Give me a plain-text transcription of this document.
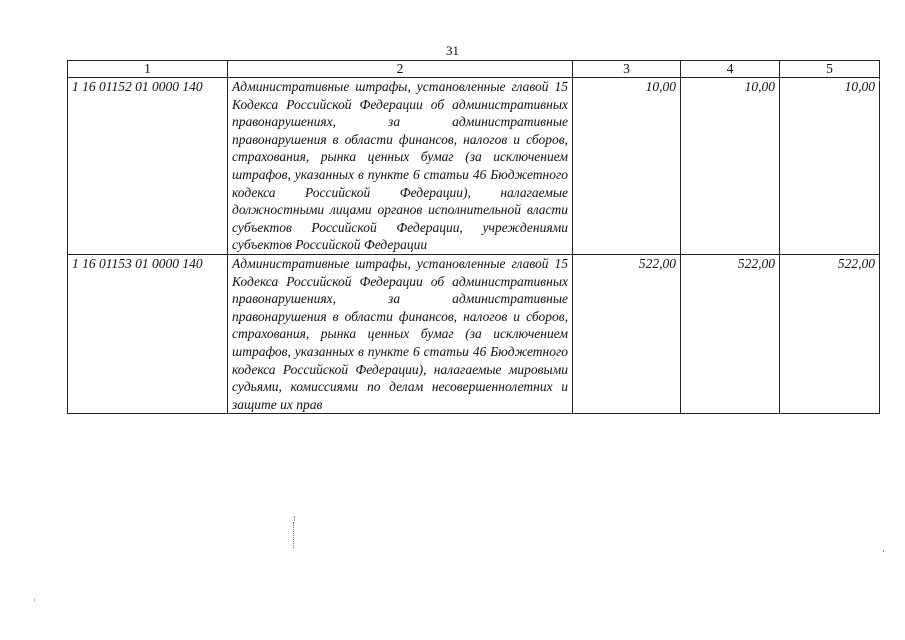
31
1	2	3	4	5
1 16 01152 01 0000 140	Административные штрафы, установленные главой 15 Кодекса Российской Федерации об административных правонарушениях, за административные правонарушения в области финансов, налогов и сборов, страхования, рынка ценных бумаг (за исключением штрафов, указанных в пункте 6 статьи 46 Бюджетного кодекса Российской Федерации), налагаемые должностными лицами органов исполнительной власти субъектов Российской Федерации, учреждениями субъектов Российской Федерации	10,00	10,00	10,00
1 16 01153 01 0000 140	Административные штрафы, установленные главой 15 Кодекса Российской Федерации об административных правонарушениях, за административные правонарушения в области финансов, налогов и сборов, страхования, рынка ценных бумаг (за исключением штрафов, указанных в пункте 6 статьи 46 Бюджетного кодекса Российской Федерации), налагаемые мировыми судьями, комиссиями по делам несовершеннолетних и защите их прав	522,00	522,00	522,00
↑
